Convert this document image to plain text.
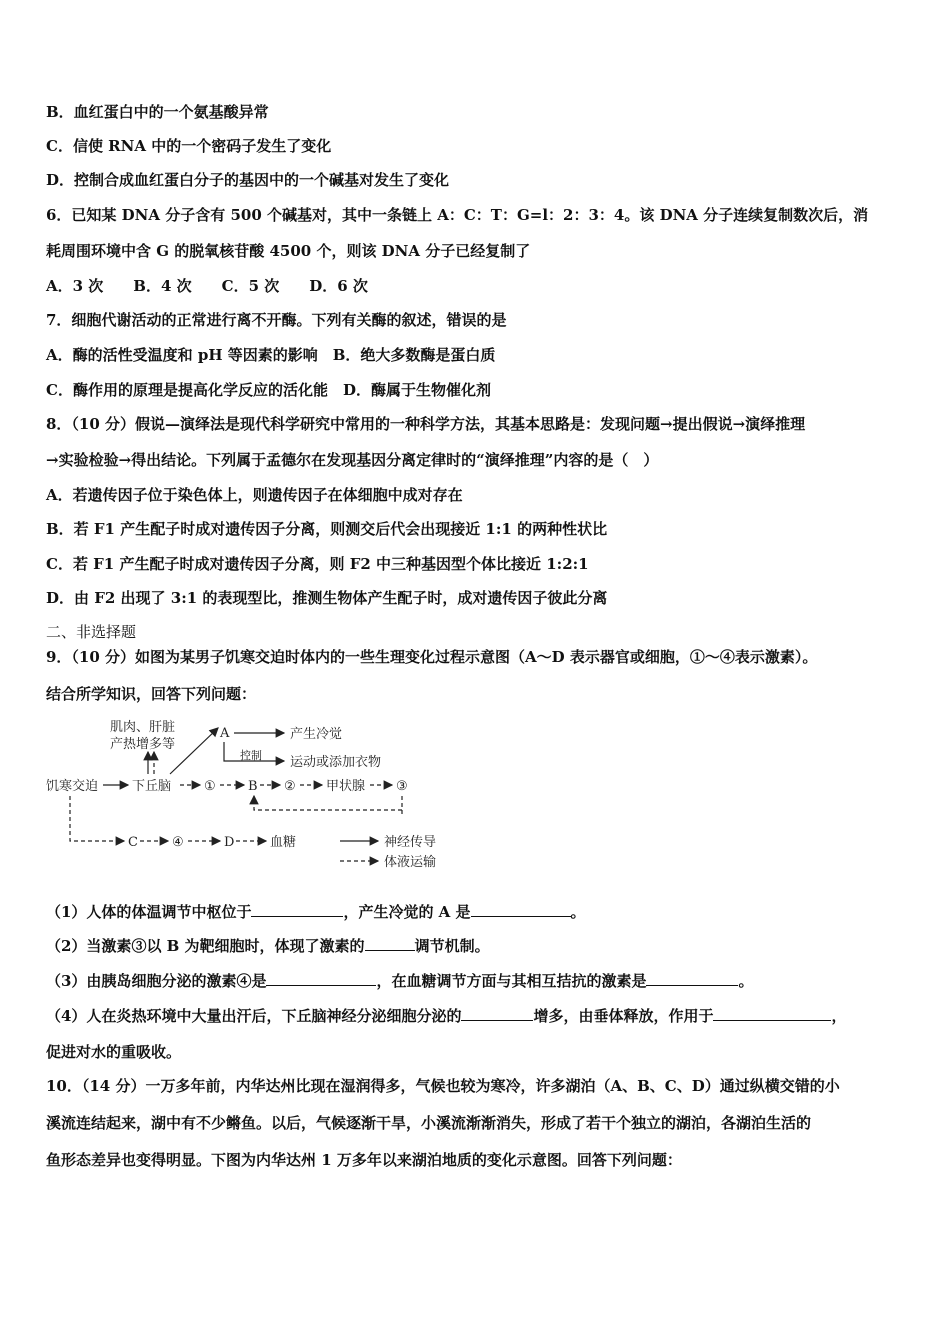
B．血红蛋白中的一个氨基酸异常
C．信使 RNA 中的一个密码子发生了变化
D．控制合成血红蛋白分子的基因中的一个碱基对发生了变化
6．已知某 DNA 分子含有 500 个碱基对，其中一条链上 A：C：T：G=l：2：3：4。该 DNA 分子连续复制数次后，消
耗周围环境中含 G 的脱氧核苷酸 4500 个，则该 DNA 分子已经复制了
A．3 次　　B．4 次　　C．5 次　　D．6 次
7．细胞代谢活动的正常进行离不开酶。下列有关酶的叙述，错误的是
A．酶的活性受温度和 pH 等因素的影响　B．绝大多数酶是蛋白质
C．酶作用的原理是提高化学反应的活化能　D．酶属于生物催化剂
8．（10 分）假说—演绎法是现代科学研究中常用的一种科学方法，其基本思路是：发现问题→提出假说→演绎推理
→实验检验→得出结论。下列属于孟德尔在发现基因分离定律时的“演绎推理”内容的是（　）
A．若遗传因子位于染色体上，则遗传因子在体细胞中成对存在
B．若 F1 产生配子时成对遗传因子分离，则测交后代会出现接近 1:1 的两种性状比
C．若 F1 产生配子时成对遗传因子分离，则 F2 中三种基因型个体比接近 1:2:1
D．由 F2 出现了 3:1 的表现型比，推测生物体产生配子时，成对遗传因子彼此分离
二、非选择题
9．（10 分）如图为某男子饥寒交迫时体内的一些生理变化过程示意图（A～D 表示器官或细胞，①～④表示激素）。
结合所学知识，回答下列问题：
肌肉、肝脏
产热增多等
A	产生冷觉
控制 运动或添加衣物
饥寒交迫	下丘脑	① B ② 甲状腺 ③
C	④	D	血糖	神经传导
体液运输
（1）人体的体温调节中枢位于	，产生冷觉的 A 是	。
（2）当激素③以 B 为靶细胞时，体现了激素的	调节机制。
（3）由胰岛细胞分泌的激素④是	，在血糖调节方面与其相互拮抗的激素是	。
（4）人在炎热环境中大量出汗后，下丘脑神经分泌细胞分泌的	增多，由垂体释放，作用于	，
促进对水的重吸收。
10．（14 分）一万多年前，内华达州比现在湿润得多，气候也较为寒冷，许多湖泊（A、B、C、D）通过纵横交错的小
溪流连结起来，湖中有不少鳉鱼。以后，气候逐渐干旱，小溪流渐渐消失，形成了若干个独立的湖泊，各湖泊生活的
鱼形态差异也变得明显。下图为内华达州 1 万多年以来湖泊地质的变化示意图。回答下列问题：
